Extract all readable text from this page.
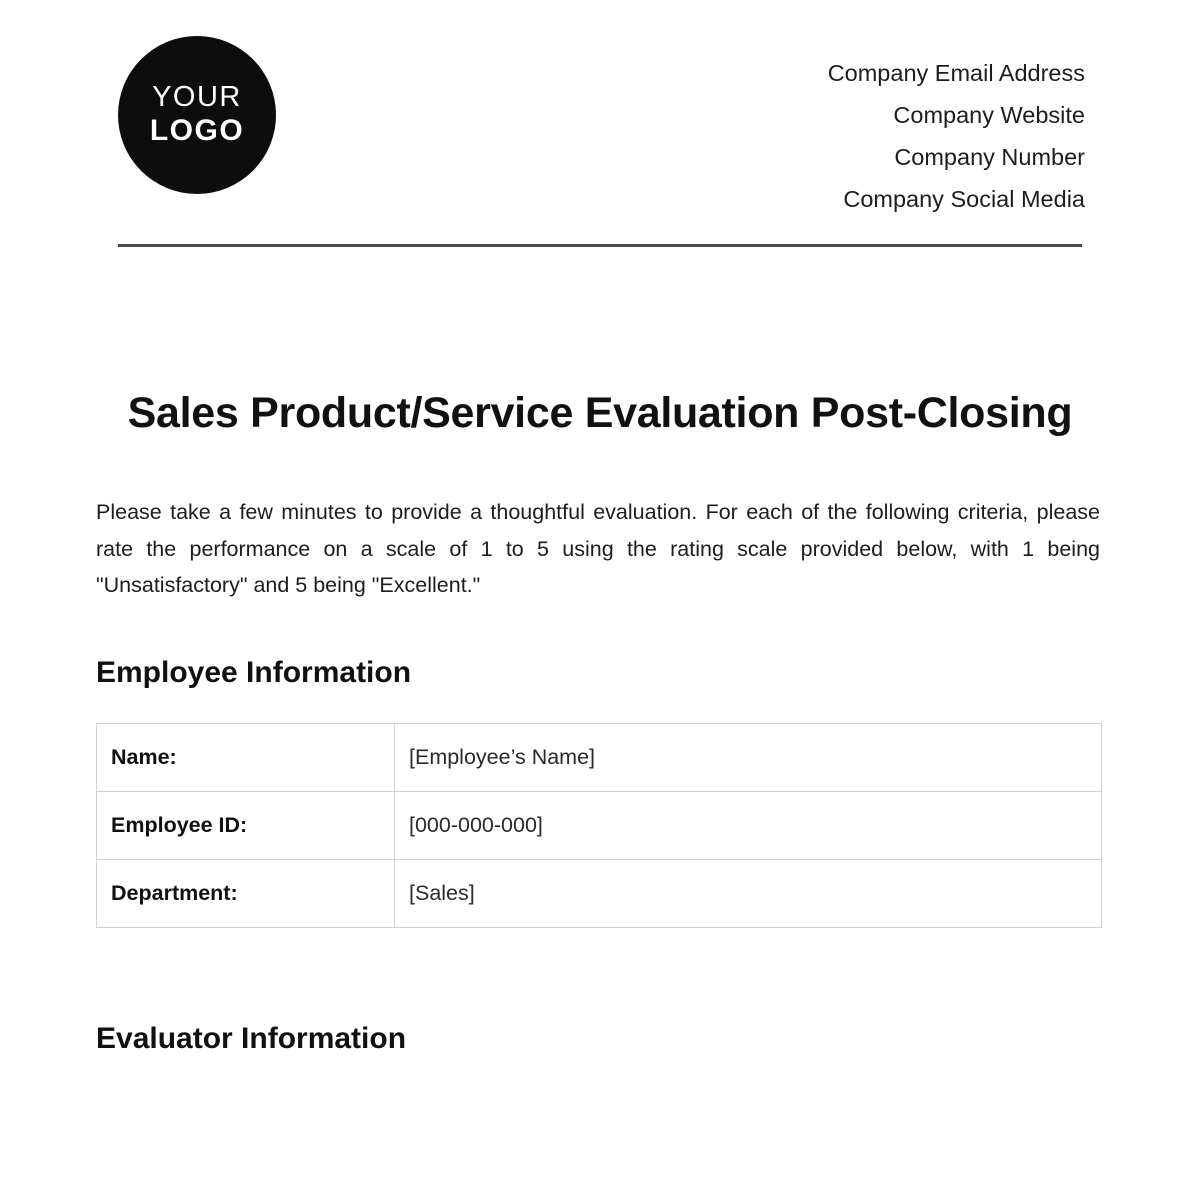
YOUR
LOGO
Company Email Address
Company Website
Company Number
Company Social Media
Sales Product/Service Evaluation Post-Closing

Please take a few minutes to provide a thoughtful evaluation. For each of the following criteria, please rate the performance on a scale of 1 to 5 using the rating scale provided below, with 1 being "Unsatisfactory" and 5 being "Excellent."

Employee Information
Name:	[Employee’s Name]
Employee ID:	[000-000-000]
Department:	[Sales]
Evaluator Information
